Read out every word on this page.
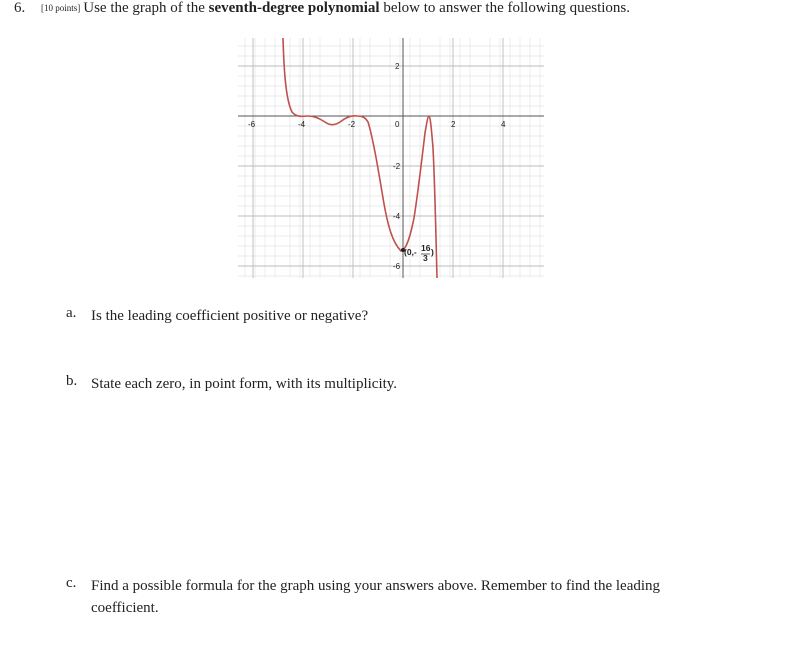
6. [10 points] Use the graph of the seventh-degree polynomial below to answer the following questions.
-6	-4	-2	0	2	4
2
-2
-4
-6
(0,- 16
3
)
a. Is the leading coefficient positive or negative?
b. State each zero, in point form, with its multiplicity.
c. Find a possible formula for the graph using your answers above. Remember to find the leading
coefficient.
